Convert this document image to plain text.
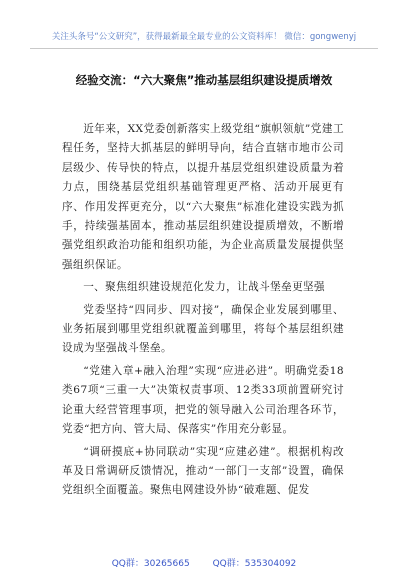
关注头条号“公文研究”，获得最新最全最专业的公文资料库！ 微信：gongwenyj
经验交流：“六大聚焦”推动基层组织建设提质增效

近年来，XX党委创新落实上级党组“旗帜领航”党建工程任务，坚持大抓基层的鲜明导向，结合直辖市地市公司层级少、传导快的特点，以提升基层党组织建设质量为着力点，围绕基层党组织基础管理更严格、活动开展更有序、作用发挥更充分，以“六大聚焦”标准化建设实践为抓手，持续强基固本，推动基层组织建设提质增效，不断增强党组织政治功能和组织功能，为企业高质量发展提供坚强组织保证。

一、聚焦组织建设规范化发力，让战斗堡垒更坚强

党委坚持“四同步、四对接”，确保企业发展到哪里、业务拓展到哪里党组织就覆盖到哪里，将每个基层组织建设成为坚强战斗堡垒。

“党建入章+融入治理”实现“应进必进”。明确党委18类67项“三重一大”决策权责事项、12类33项前置研究讨论重大经营管理事项，把党的领导融入公司治理各环节，党委“把方向、管大局、保落实”作用充分彰显。

“调研摸底+协同联动”实现“应建必建”。根据机构改革及日常调研反馈情况，推动“一部门一支部”设置，确保党组织全面覆盖。聚焦电网建设外协“破难题、促发

QQ群：30265665	QQ群：535304092
